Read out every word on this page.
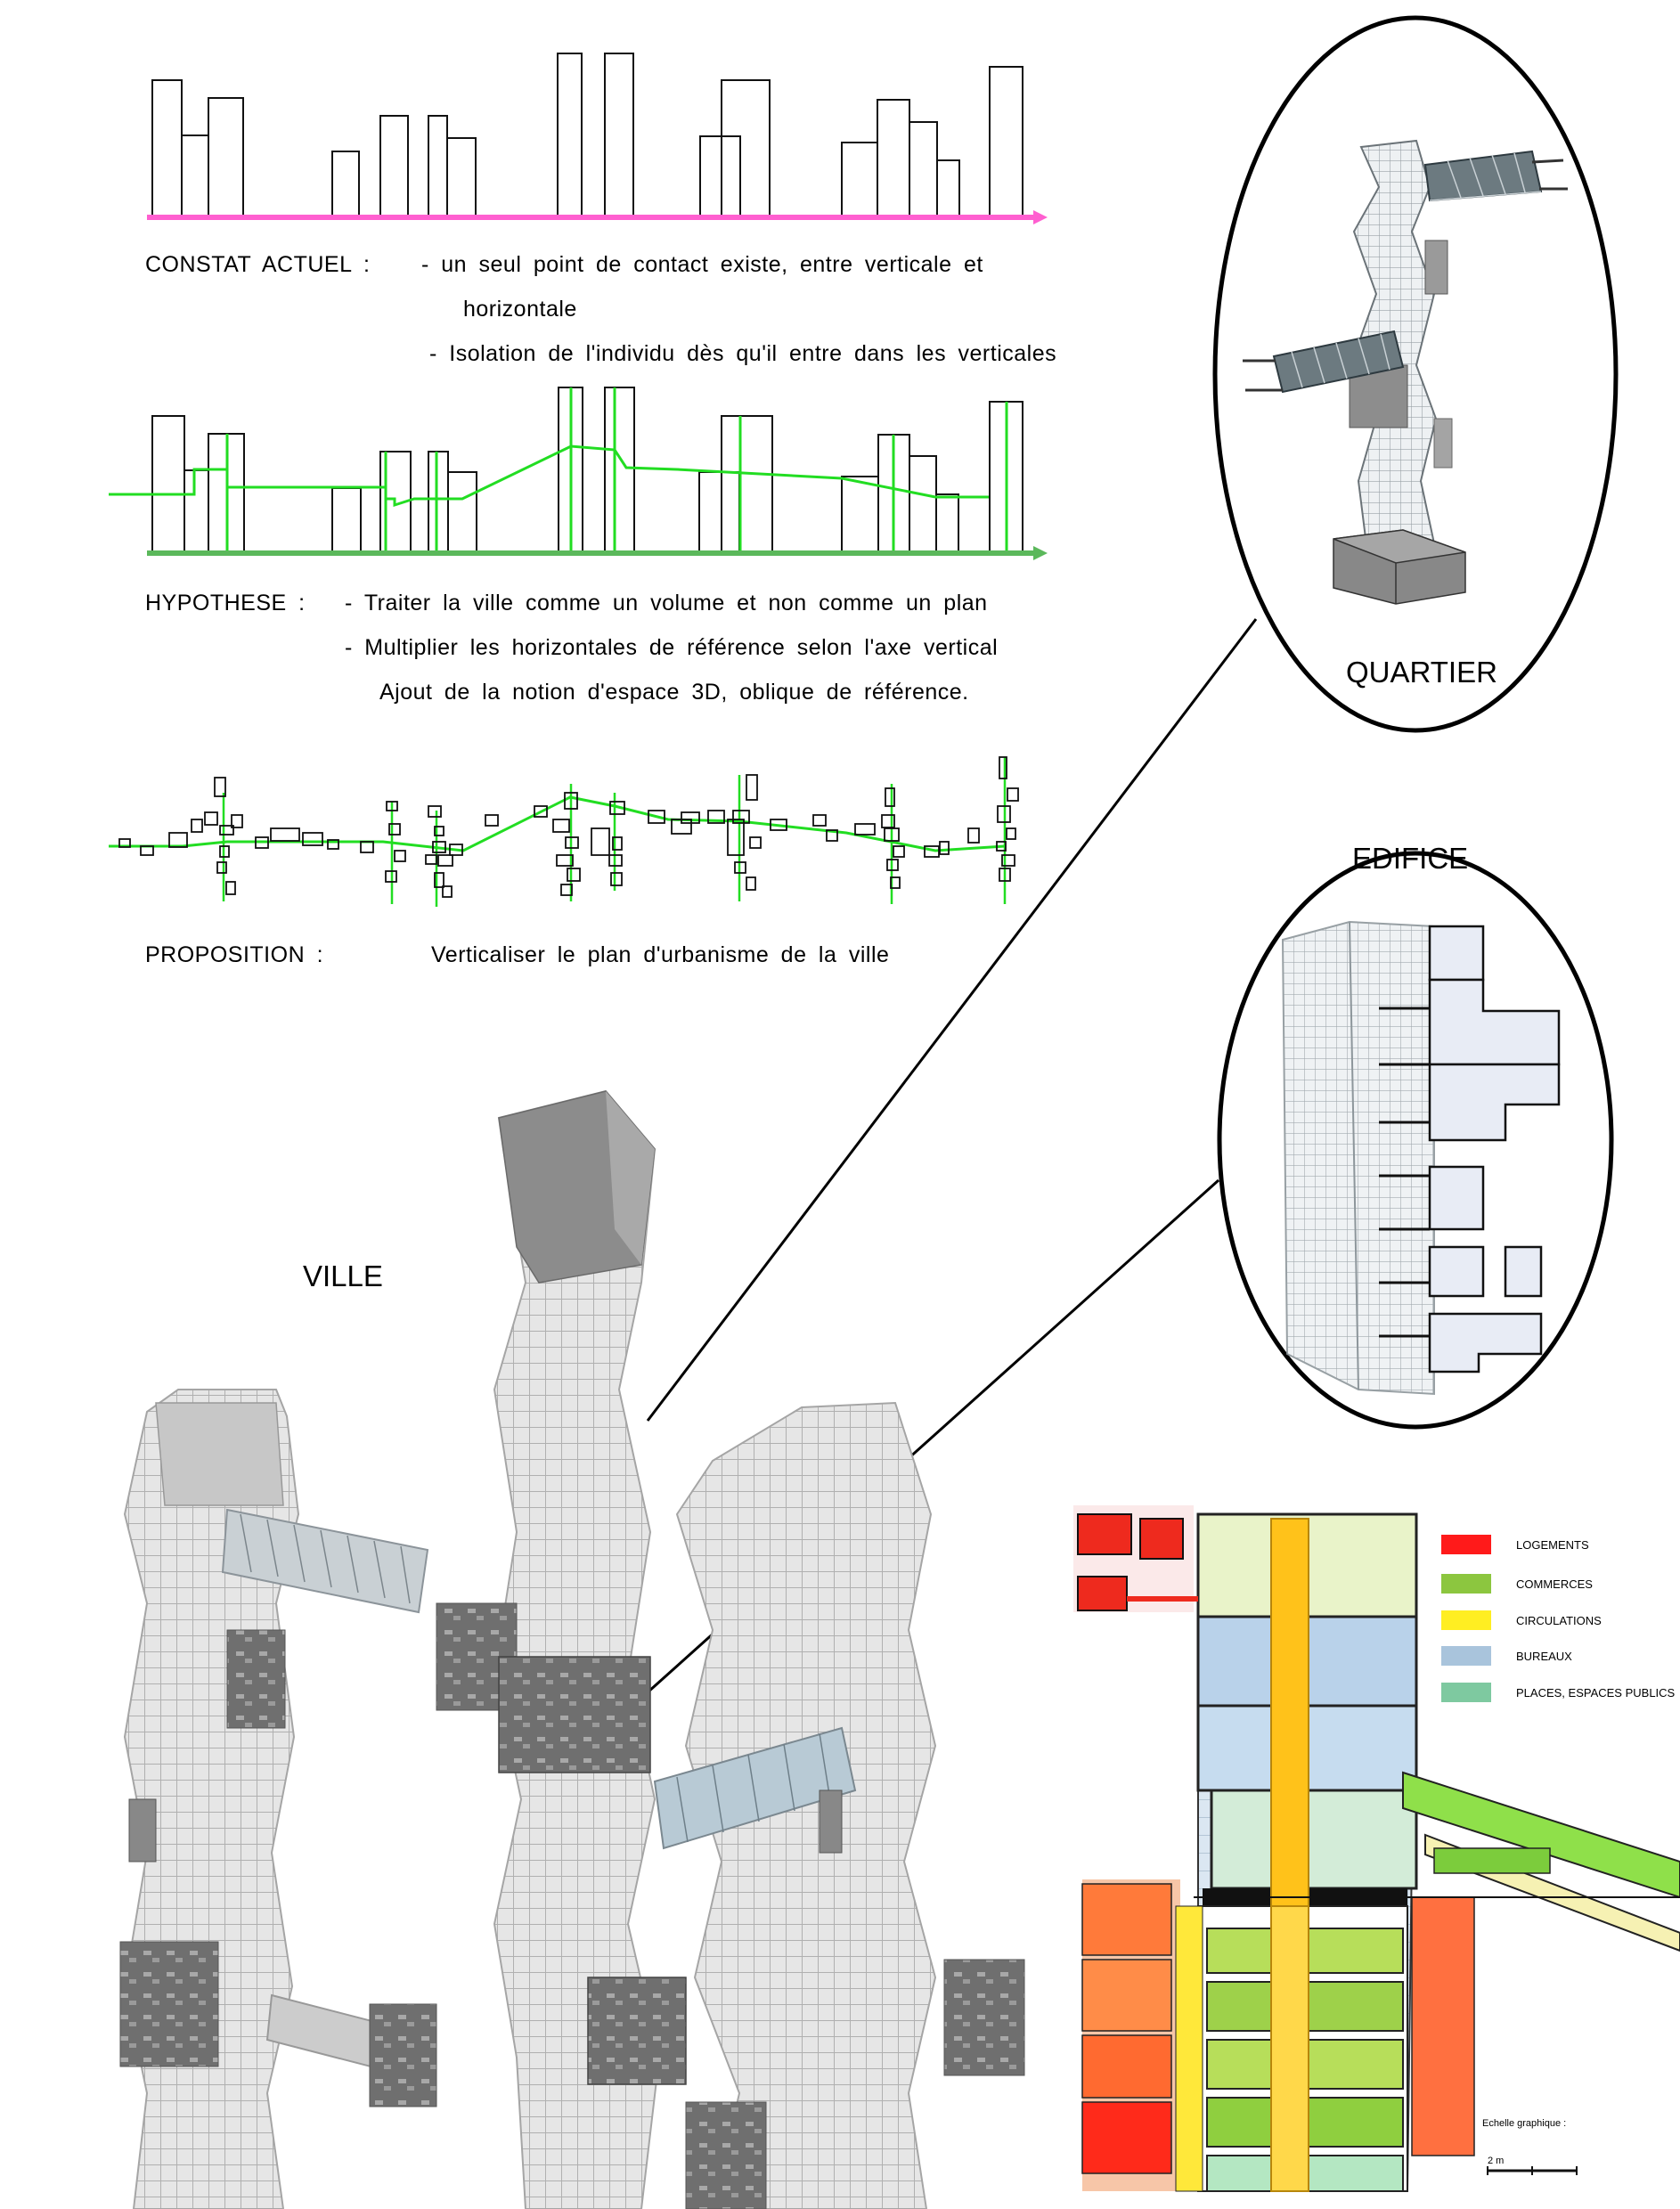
CONSTAT ACTUEL : - un seul point de contact existe, entre verticale et
horizontale
- Isolation de l'individu dès qu'il entre dans les verticales
HYPOTHESE : - Traiter la ville comme un volume et non comme un plan
- Multiplier les horizontales de référence selon l'axe vertical
Ajout de la notion d'espace 3D, oblique de référence.
PROPOSITION :	Verticaliser le plan d'urbanisme de la ville
QUARTIER
EDIFICE
VILLE
LOGEMENTS
COMMERCES
CIRCULATIONS
BUREAUX
PLACES, ESPACES PUBLICS
Echelle graphique :
2 m
